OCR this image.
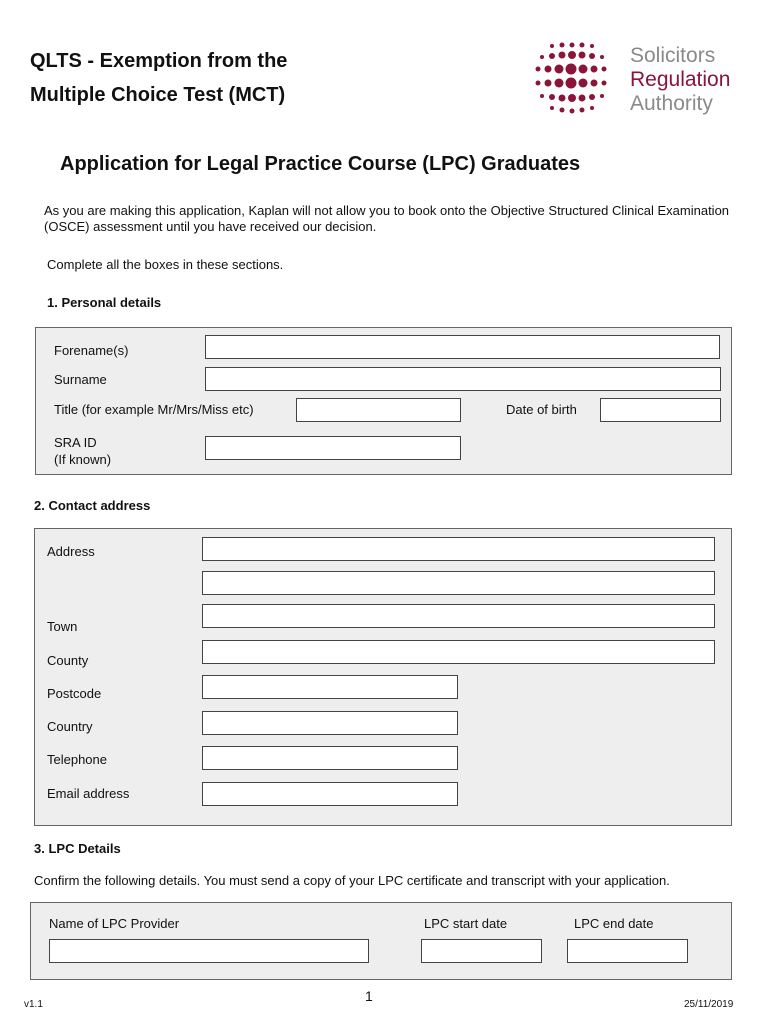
QLTS - Exemption from the
Multiple Choice Test (MCT)
Solicitors
Regulation
Authority
Application for Legal Practice Course (LPC) Graduates
As you are making this application, Kaplan will not allow you to book onto the Objective Structured Clinical Examination (OSCE) assessment until you have received our decision.
Complete all the boxes in these sections.
1. Personal details
Forename(s)
Surname
Title (for example Mr/Mrs/Miss etc)	Date of birth
SRA ID
(If known)
2. Contact address
Address
Town
County
Postcode
Country
Telephone
Email address
3. LPC Details
Confirm the following details. You must send a copy of your LPC certificate and transcript with your application.
Name of LPC Provider	LPC start date	LPC end date
v1.1
1
25/11/2019
